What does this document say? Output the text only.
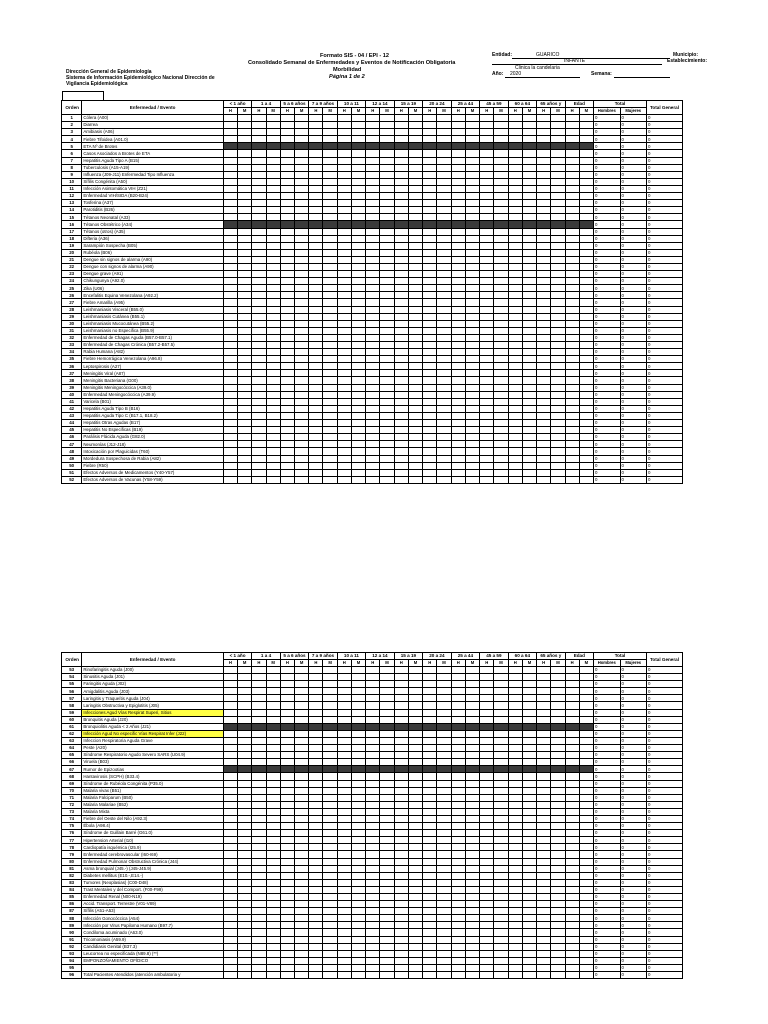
Formato SIS - 04 / EPI - 12
Consolidado Semanal de Enfermedades y Eventos de Notificación Obligatoria
Morbilidad
Página 1 de 2
Dirección General de Epidemiología
Sistema de Información Epidemiológico Nacional Dirección de
Vigilancia Epidemiológica
Entidad:	GUARICO	Municipio:
INFANTE	Establecimiento:
Clinica la candelaria
Año:	2020	Semana:
Orden	Enfermedad / Evento	< 1 año		1 a 4		5 a 6 años		7 a 9 años		10 a 11		12 a 14		15 a 19		20 a 24		25 a 44		45 a 59		60 a 64		65 años y		Edad		Total		Total General
		H	M	H	M	H	M	H	M	H	M	H	M	H	M	H	M	H	M	H	M	H	M	H	M	H	M	Hombres	Mujeres	
1	Cólera (A00)																											0	0	0
2	Diarrea																											0	0	0
3	Amibiasis (A06)																											0	0	0
4	Fiebre Tifoidea (A01.0)																											0	0	0
5	ETA Nº de Brotes																											0	0	0
6	Casos Asociados a Brotes de ETA																											0	0	0
7	Hepatitis Aguda Tipo A (B15)																											0	0	0
8	Tuberculosis (A15-A19)																											0	0	0
9	Influenza (J09-J11) Enfermedad Tipo Influenza																											0	0	0
10	Sífilis Congénita (A50)																											0	0	0
11	Infección Asintomática VIH (Z21)																											0	0	0
12	Enfermedad VIH/SIDA (B20-B24)																											0	0	0
13	Tosferina (A37)																											0	0	0
14	Parotiditis (B26)																											0	0	0
15	Tétanos Neonatal (A33)																											0	0	0
16	Tétanos Obstétrico (A34)																											0	0	0
17	Tétanos (otros) (A35)																											0	0	0
18	Difteria (A36)																											0	0	0
19	Sarampión Sospecha (B05)																											0	0	0
20	Rubéola (B06)																											0	0	0
21	Dengue sin signos de alarma (A90)																											0	0	0
22	Dengue con signos de alarma (A90)																											0	0	0
23	Dengue grave (A91)																											0	0	0
24	Chikungunya (A92.0)																											0	0	0
25	Zika (U06)																											0	0	0
26	Encefalitis Equina Venezolana (A92.2)																											0	0	0
27	Fiebre Amarilla (A95)																											0	0	0
28	Leishmaniasis Visceral (B55.0)																											0	0	0
29	Leishmaniasis Cutánea (B55.1)																											0	0	0
30	Leishmaniasis Mucocutánea (B55.2)																											0	0	0
31	Leishmaniasis no Especifica (B55.9)																											0	0	0
32	Enfermedad de Chagas Aguda (B57.0-B57.1)																											0	0	0
33	Enfermedad de Chagas Crónica (B57.2-B57.5)																											0	0	0
34	Rabia Humana (A82)																											0	0	0
35	Fiebre Hemorrágica Venezolana (A96.8)																											0	0	0
36	Leptospirosis (A27)																											0	0	0
37	Meningitis Viral (A87)																											0	0	0
38	Meningitis Bacteriana (G00)																											0	0	0
39	Meningitis Meningocóccica (A39.0)																											0	0	0
40	Enfermedad Meningocóccica (A39.9)																											0	0	0
41	Varicela (B01)																											0	0	0
42	Hepatitis Aguda Tipo B (B16)																											0	0	0
43	Hepatitis Aguda Tipo C (B17.1, B18.2)																											0	0	0
44	Hepatitis Otras Agudas (B17)																											0	0	0
45	Hepatitis No Especificas (B19)																											0	0	0
46	Parálisis Flácida Aguda (G82.0)																											0	0	0
47	Neumonías (J12-J18)																											0	0	0
48	Intoxicación por Plaguicidas (T60)																											0	0	0
49	Mordedura Sospechosa de Rabia (A82)																											0	0	0
50	Fiebre (R50)																											0	0	0
51	Efectos Adversos de Medicamentos (Y40-Y57)																											0	0	0
52	Efectos Adversos de Vacunas (Y58-Y59)																											0	0	0
Orden	Enfermedad / Evento	< 1 año		1 a 4		5 a 6 años		7 a 9 años		10 a 11		12 a 14		15 a 19		20 a 24		25 a 44		45 a 59		60 a 64		65 años y		Edad		Total		Total General
		H	M	H	M	H	M	H	M	H	M	H	M	H	M	H	M	H	M	H	M	H	M	H	M	H	M	Hombres	Mujeres	
53	Rinofaringitis Aguda (J00)																											0	0	0
54	Sinusitis Aguda (J01)																											0	0	0
55	Faringitis Aguda (J02)																											0	0	0
56	Amigdalitis Aguda (J03)																											0	0	0
57	Laringitis y Traqueítis Aguda (J04)																											0	0	0
58	Laringitis Obstructiva y Epiglotitis (J05)																											0	0	0
59	Infecciones Agud Vías Respirat Superi, Sitios																											0	0	0
60	Bronquitis Aguda (J20)																											0	0	0
61	Bronquiolitis Aguda < 2 Años (J21)																											0	0	0
62	Infección Agud No especific Vías Respirat Infer (J22)																											0	0	0
63	Infeccion Respiratoria Aguda Grave																											0	0	0
64	Peste (A20)																											0	0	0
65	Síndrome Respiratorio Agudo Severo SARS (U04.9)																											0	0	0
66	Viruela (B03)																											0	0	0
67	Rumor de Epizootias																											0	0	0
68	Hantavirosis (SCPH) (B33.4)																											0	0	0
69	Síndrome de Rubéola Congénita (P35.0)																											0	0	0
70	Malaria vivax (B51)																											0	0	0
71	Malaria Falciparum (B50)																											0	0	0
72	Malaria Malariae (B52)																											0	0	0
73	Malaria Mixta																											0	0	0
74	Fiebre del Oeste del Nilo (A92.3)																											0	0	0
75	Ébola (A98.4)																											0	0	0
76	Síndrome de Guillain Barré (G61.0)																											0	0	0
77	Hipertension Arterial (I10)																											0	0	0
78	Cardiopatía isquémica (I25.9)																											0	0	0
79	Enfermedad cerebrovascular (I60-I69)																											0	0	0
80	Enfermedad Pulmonar Obstructiva Crónica (J44)																											0	0	0
81	Asma bronquial (J45.-) (J45-J45.9)																											0	0	0
82	Diabetes mellitus (E10.-,E14.-)																											0	0	0
83	Tumores (Neoplasias) (C00-D48)																											0	0	0
84	Trast Mentales y del Comport. (F00-F99)																											0	0	0
85	Enfermedad Renal (N00-N19)																											0	0	0
86	Accid. Transport. Terrestre (V01-V89)																											0	0	0
87	Sífilis (A51-A53)																											0	0	0
88	Infección Gonocóccica (A54)																											0	0	0
89	Infección por Virus Papiloma Humano (B97.7)																											0	0	0
90	Condiloma acuminado (A63.0)																											0	0	0
91	Tricomoniasis (A59.9)																											0	0	0
92	Candidiasis Genital (B37.3)																											0	0	0
93	Leucorrea no especificada (N89.8) (**)																											0	0	0
94	EMPONZOÑAMIENTO OFÍDICO																											0	0	0
95																												0	0	0
96	Total Pacientes Atendidos (atención ambulatoria y																											0	0	0
